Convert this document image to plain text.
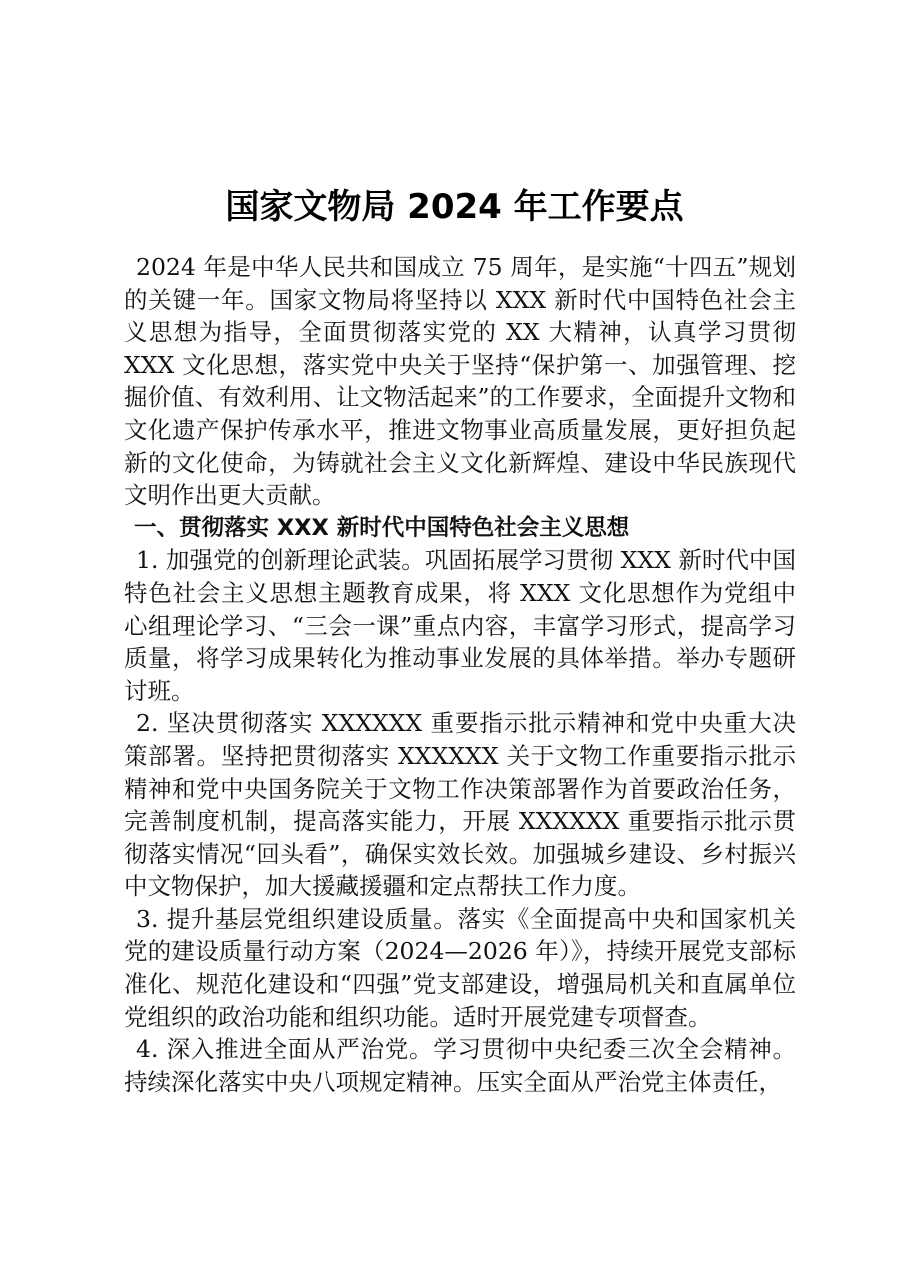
国家文物局 2024 年工作要点

2024 年是中华人民共和国成立 75 周年，是实施“十四五”规划的关键一年。国家文物局将坚持以 XXX 新时代中国特色社会主义思想为指导，全面贯彻落实党的 XX 大精神，认真学习贯彻 XXX 文化思想，落实党中央关于坚持“保护第一、加强管理、挖掘价值、有效利用、让文物活起来”的工作要求，全面提升文物和文化遗产保护传承水平，推进文物事业高质量发展，更好担负起新的文化使命，为铸就社会主义文化新辉煌、建设中华民族现代文明作出更大贡献。

一、贯彻落实 XXX 新时代中国特色社会主义思想

1. 加强党的创新理论武装。巩固拓展学习贯彻 XXX 新时代中国特色社会主义思想主题教育成果，将 XXX 文化思想作为党组中心组理论学习、“三会一课”重点内容，丰富学习形式，提高学习质量，将学习成果转化为推动事业发展的具体举措。举办专题研讨班。

2. 坚决贯彻落实 XXXXXX 重要指示批示精神和党中央重大决策部署。坚持把贯彻落实 XXXXXX 关于文物工作重要指示批示精神和党中央国务院关于文物工作决策部署作为首要政治任务，完善制度机制，提高落实能力，开展 XXXXXX 重要指示批示贯彻落实情况“回头看”，确保实效长效。加强城乡建设、乡村振兴中文物保护，加大援藏援疆和定点帮扶工作力度。

3. 提升基层党组织建设质量。落实《全面提高中央和国家机关党的建设质量行动方案（2024—2026 年）》，持续开展党支部标准化、规范化建设和“四强”党支部建设，增强局机关和直属单位党组织的政治功能和组织功能。适时开展党建专项督查。

4. 深入推进全面从严治党。学习贯彻中央纪委三次全会精神。持续深化落实中央八项规定精神。压实全面从严治党主体责任，
